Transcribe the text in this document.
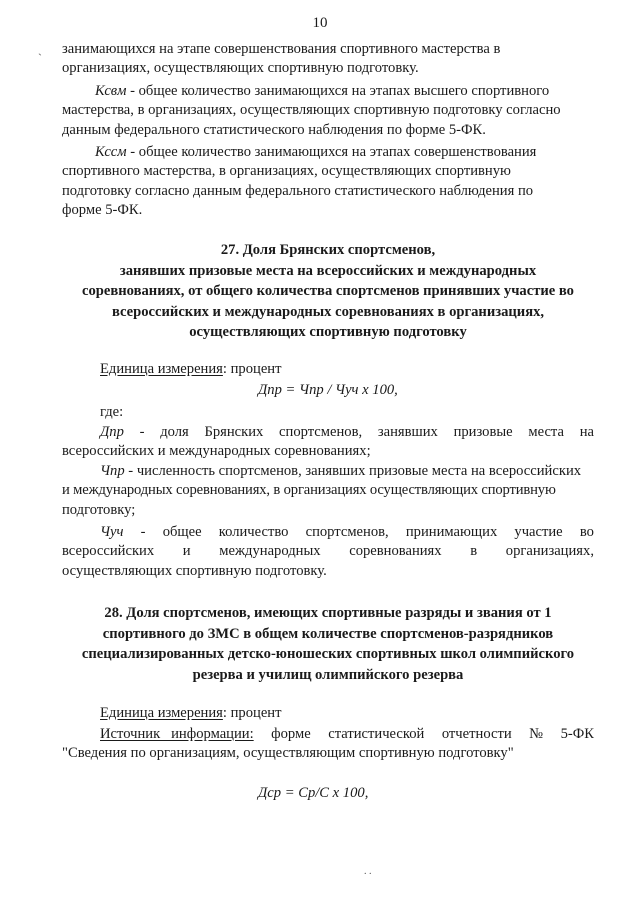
ˏ
10
занимающихся на этапе совершенствования спортивного мастерства в
организациях, осуществляющих спортивную подготовку.
Ксвм - общее количество занимающихся на этапах высшего спортивного
мастерства, в организациях, осуществляющих спортивную подготовку согласно
данным федерального статистического наблюдения по форме 5-ФК.
Кссм - общее количество занимающихся на этапах совершенствования
спортивного мастерства, в организациях, осуществляющих спортивную
подготовку согласно данным федерального статистического наблюдения по
форме 5-ФК.
27. Доля Брянских спортсменов,
занявших призовые места на всероссийских и международных
соревнованиях, от общего количества спортсменов принявших участие во
всероссийских и международных соревнованиях в организациях,
осуществляющих спортивную подготовку
Единица измерения: процент
Дпр = Чпр / Чуч х 100,
где:
Дпр - доля Брянских спортсменов, занявших призовые места на
всероссийских и международных соревнованиях;
Чпр - численность спортсменов, занявших призовые места на всероссийских
и международных соревнованиях, в организациях осуществляющих спортивную
подготовку;
Чуч - общее количество спортсменов, принимающих участие во
всероссийских и международных соревнованиях в организациях,
осуществляющих спортивную подготовку.
28. Доля спортсменов, имеющих спортивные разряды и звания от 1
спортивного до ЗМС в общем количестве спортсменов-разрядников
специализированных детско-юношеских спортивных школ олимпийского
резерва и училищ олимпийского резерва
Единица измерения: процент
Источник   информации: форме статистической отчетности № 5-ФК
"Сведения по организациям, осуществляющим спортивную подготовку"
Дср = Ср/С х 100,
. .
